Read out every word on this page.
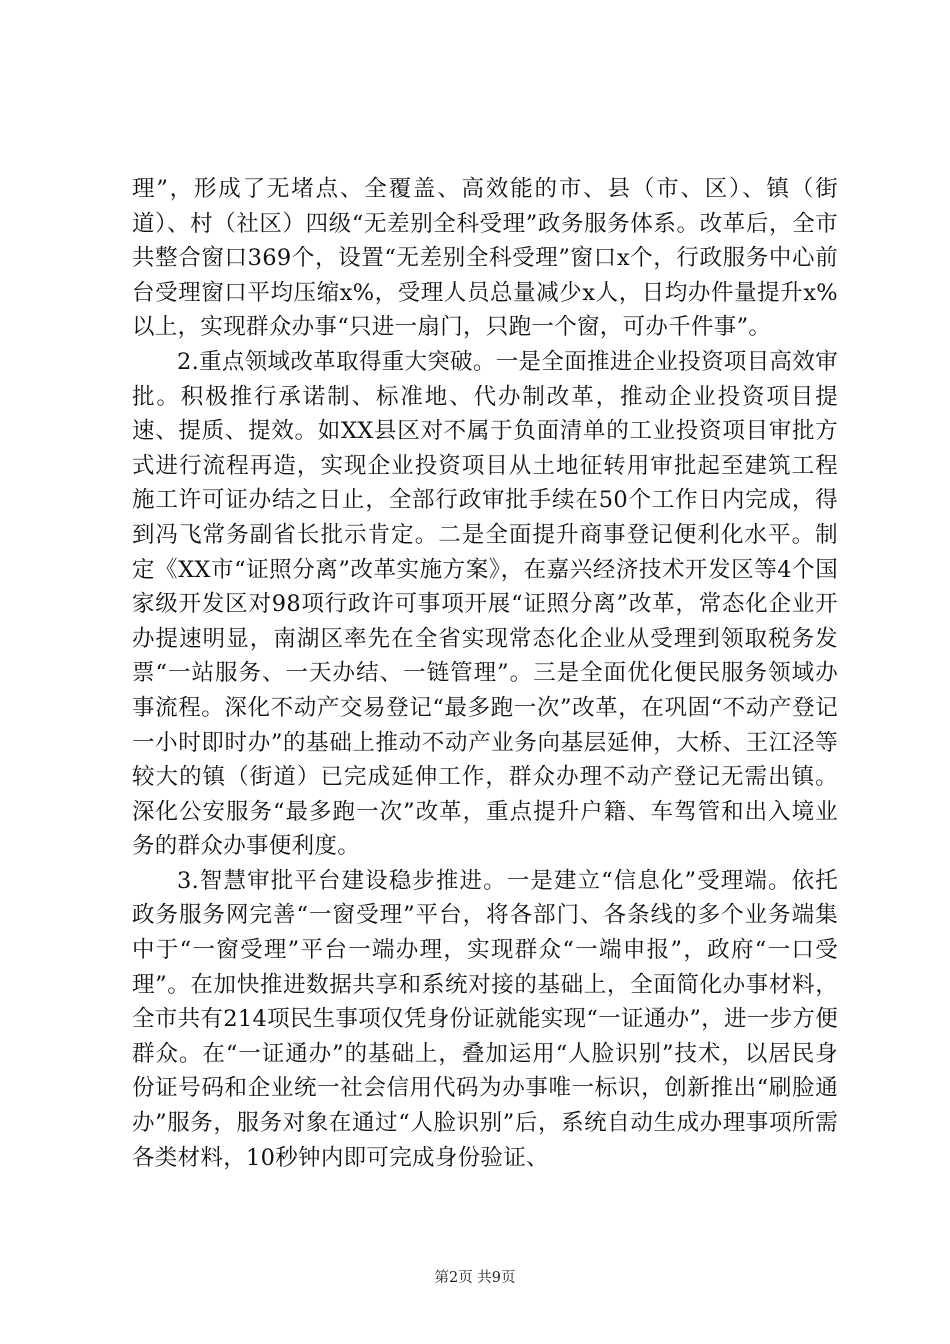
理”，形成了无堵点、全覆盖、高效能的市、县（市、区）、镇（街道）、村（社区）四级“无差别全科受理”政务服务体系。改革后，全市共整合窗口369个，设置“无差别全科受理”窗口x个，行政服务中心前台受理窗口平均压缩x%，受理人员总量减少x人，日均办件量提升x%以上，实现群众办事“只进一扇门，只跑一个窗，可办千件事”。

2.重点领域改革取得重大突破。一是全面推进企业投资项目高效审批。积极推行承诺制、标准地、代办制改革，推动企业投资项目提速、提质、提效。如XX县区对不属于负面清单的工业投资项目审批方式进行流程再造，实现企业投资项目从土地征转用审批起至建筑工程施工许可证办结之日止，全部行政审批手续在50个工作日内完成，得到冯飞常务副省长批示肯定。二是全面提升商事登记便利化水平。制定《XX市“证照分离”改革实施方案》，在嘉兴经济技术开发区等4个国家级开发区对98项行政许可事项开展“证照分离”改革，常态化企业开办提速明显，南湖区率先在全省实现常态化企业从受理到领取税务发票“一站服务、一天办结、一链管理”。三是全面优化便民服务领域办事流程。深化不动产交易登记“最多跑一次”改革，在巩固“不动产登记一小时即时办”的基础上推动不动产业务向基层延伸，大桥、王江泾等较大的镇（街道）已完成延伸工作，群众办理不动产登记无需出镇。深化公安服务“最多跑一次”改革，重点提升户籍、车驾管和出入境业务的群众办事便利度。

3.智慧审批平台建设稳步推进。一是建立“信息化”受理端。依托政务服务网完善“一窗受理”平台，将各部门、各条线的多个业务端集中于“一窗受理”平台一端办理，实现群众“一端申报”，政府“一口受理”。在加快推进数据共享和系统对接的基础上，全面简化办事材料，全市共有214项民生事项仅凭身份证就能实现“一证通办”，进一步方便群众。在“一证通办”的基础上，叠加运用“人脸识别”技术，以居民身份证号码和企业统一社会信用代码为办事唯一标识，创新推出“刷脸通办”服务，服务对象在通过“人脸识别”后，系统自动生成办理事项所需各类材料，10秒钟内即可完成身份验证、

第2页 共9页
